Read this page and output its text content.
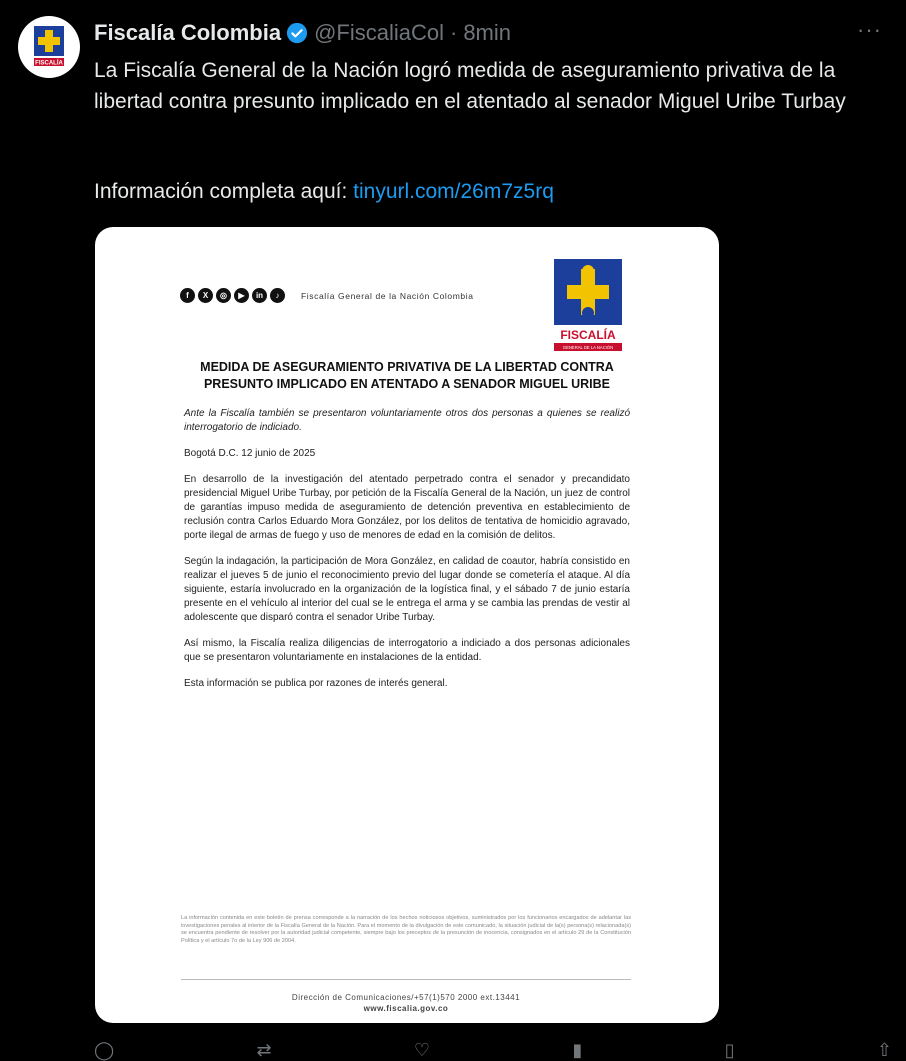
FISCALÍA
Fiscalía Colombia @FiscaliaCol · 8min	···

La Fiscalía General de la Nación logró medida de aseguramiento privativa de la libertad contra presunto implicado en el atentado al senador Miguel Uribe Turbay

Información completa aquí: tinyurl.com/26m7z5rq
f	X	◎	▶	in	♪	Fiscalía General de la Nación Colombia
FISCALÍA
GENERAL DE LA NACIÓN
MEDIDA DE ASEGURAMIENTO PRIVATIVA DE LA LIBERTAD CONTRA
PRESUNTO IMPLICADO EN ATENTADO A SENADOR MIGUEL URIBE

Ante la Fiscalía también se presentaron voluntariamente otros dos personas a quienes se realizó interrogatorio de indiciado.

Bogotá D.C. 12 junio de 2025

En desarrollo de la investigación del atentado perpetrado contra el senador y precandidato presidencial Miguel Uribe Turbay, por petición de la Fiscalía General de la Nación, un juez de control de garantías impuso medida de aseguramiento de detención preventiva en establecimiento de reclusión contra Carlos Eduardo Mora González, por los delitos de tentativa de homicidio agravado, porte ilegal de armas de fuego y uso de menores de edad en la comisión de delitos.

Según la indagación, la participación de Mora González, en calidad de coautor, habría consistido en realizar el jueves 5 de junio el reconocimiento previo del lugar donde se cometería el ataque. Al día siguiente, estaría involucrado en la organización de la logística final, y el sábado 7 de junio estaría presente en el vehículo al interior del cual se le entrega el arma y se cambia las prendas de vestir al adolescente que disparó contra el senador Uribe Turbay.

Así mismo, la Fiscalía realiza diligencias de interrogatorio a indiciado a dos personas adicionales que se presentaron voluntariamente en instalaciones de la entidad.

Esta información se publica por razones de interés general.

La información contenida en este boletín de prensa corresponde a la narración de los hechos noticiosos objetivos, suministrados por los funcionarios encargados de adelantar las investigaciones penales al interior de la Fiscalía General de la Nación. Para el momento de la divulgación de este comunicado, la situación judicial de la(s) persona(s) relacionada(s) se encuentra pendiente de resolver por la autoridad judicial competente, siempre bajo los preceptos de la presunción de inocencia, consignados en el artículo 29 de la Constitución Política y el artículo 7o de la Ley 906 de 2004.
Dirección de Comunicaciones/+57(1)570 2000 ext.13441
www.fiscalia.gov.co
◯	⇄	♡	▮	▯	⇧
